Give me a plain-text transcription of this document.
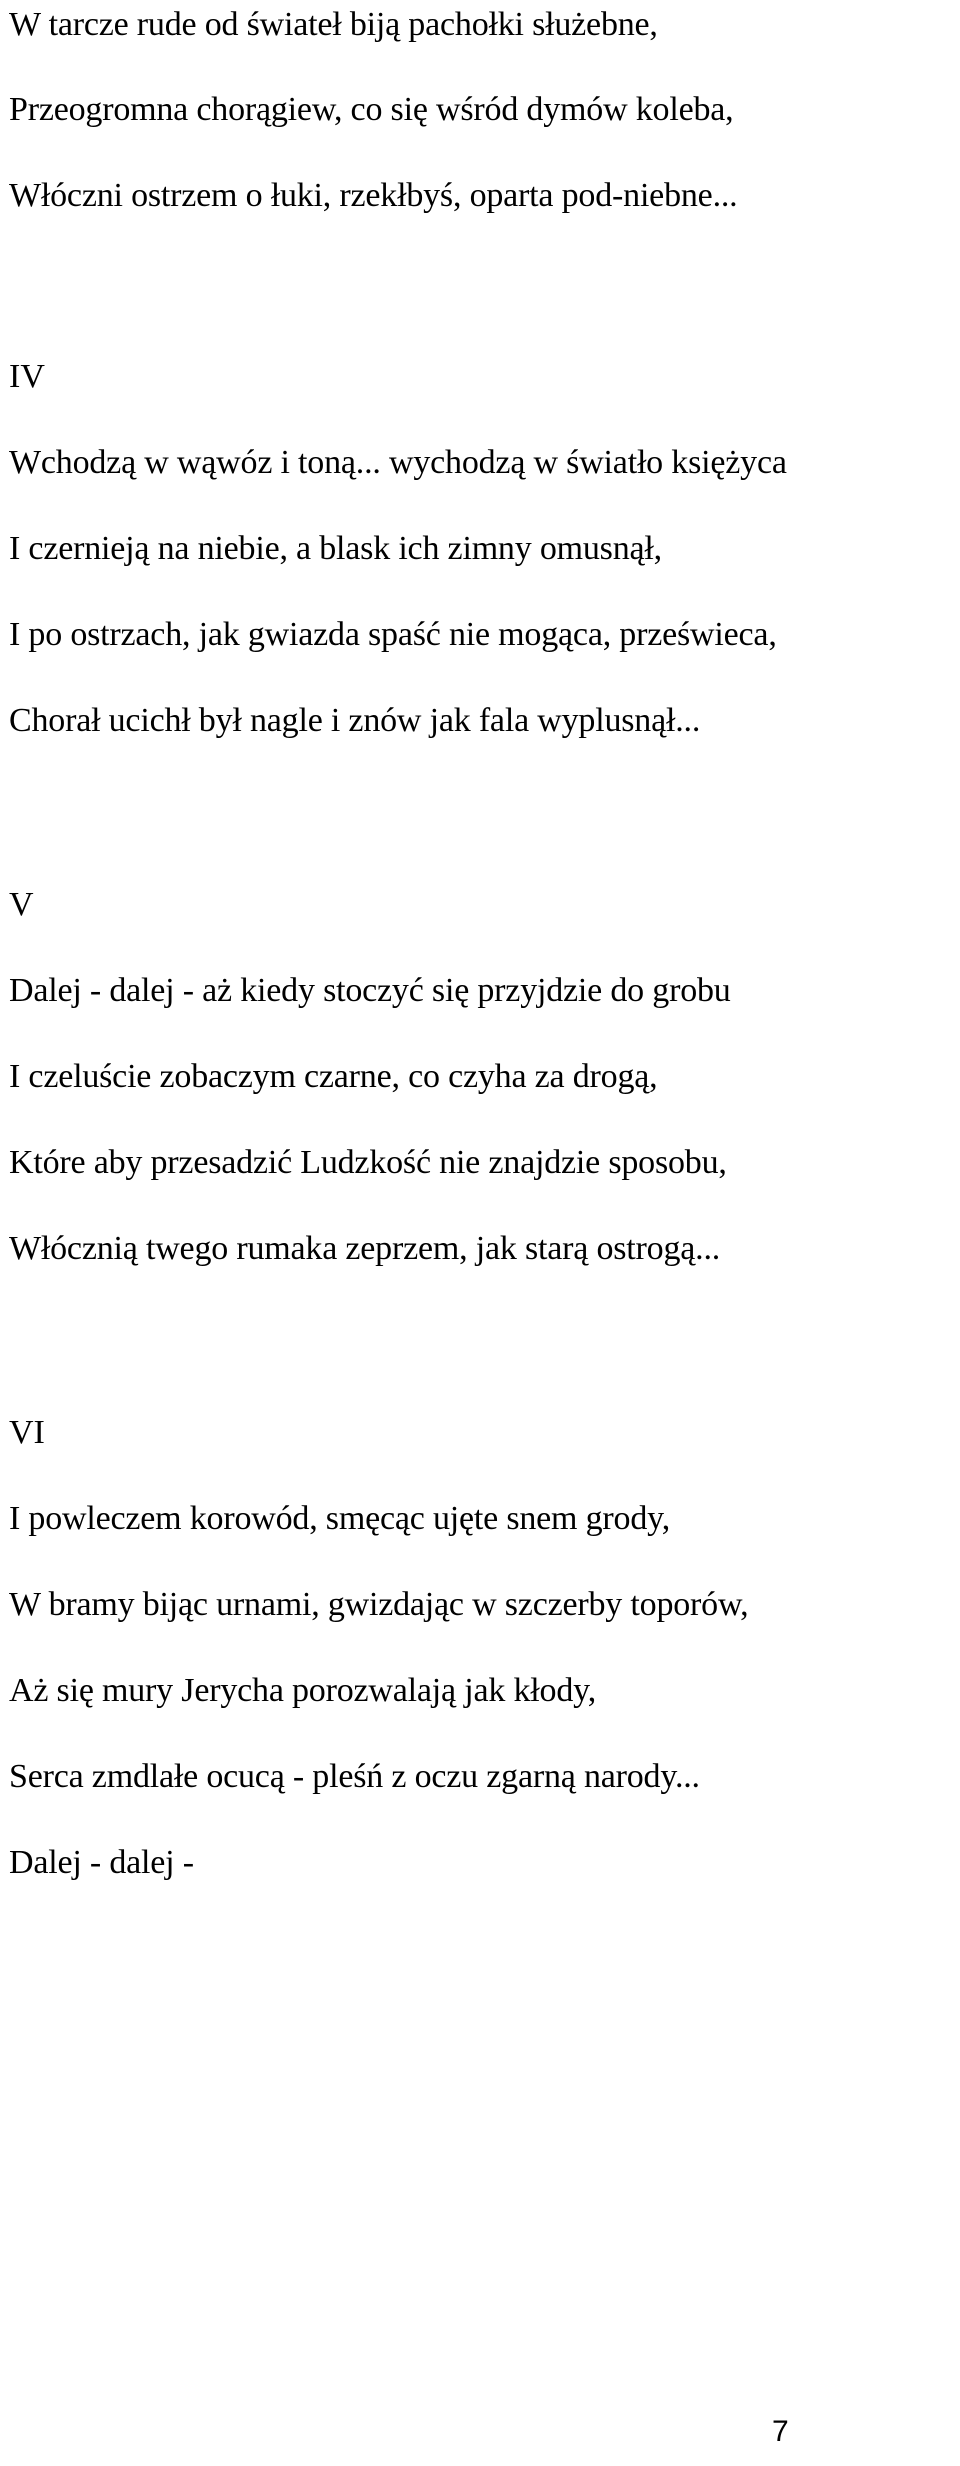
W tarcze rude od świateł biją pachołki służebne,
Przeogromna chorągiew, co się wśród dymów koleba,
Włóczni ostrzem o łuki, rzekłbyś, oparta pod-niebne...
IV
Wchodzą w wąwóz i toną... wychodzą w światło księżyca
I czernieją na niebie, a blask ich zimny omusnął,
I po ostrzach, jak gwiazda spaść nie mogąca, prześwieca,
Chorał ucichł był nagle i znów jak fala wyplusnął...
V
Dalej - dalej - aż kiedy stoczyć się przyjdzie do grobu
I czeluście zobaczym czarne, co czyha za drogą,
Które aby przesadzić Ludzkość nie znajdzie sposobu,
Włócznią twego rumaka zeprzem, jak starą ostrogą...
VI
I powleczem korowód, smęcąc ujęte snem grody,
W bramy bijąc urnami, gwizdając w szczerby toporów,
Aż się mury Jerycha porozwalają jak kłody,
Serca zmdlałe ocucą - pleśń z oczu zgarną narody...
Dalej - dalej -
7
